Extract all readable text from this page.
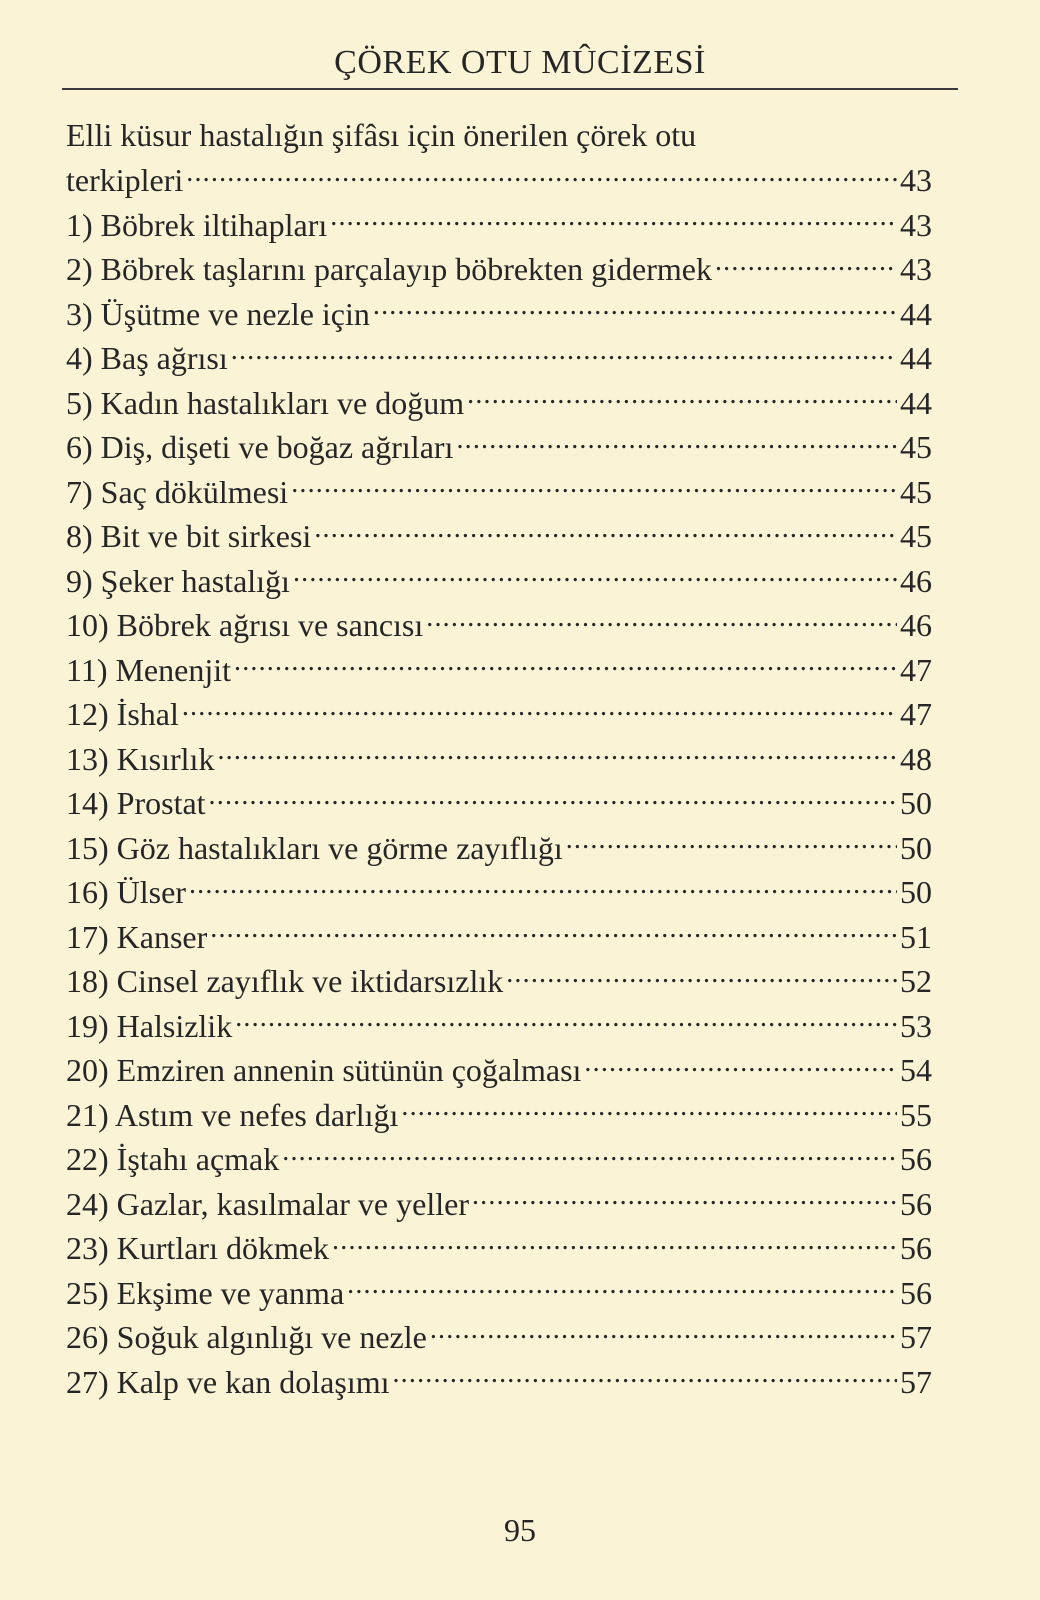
ÇÖREK OTU MÛCİZESİ
Elli küsur hastalığın şifâsı için önerilen çörek otu
terkipleri .....	43
1) Böbrek iltihapları .....	43
2) Böbrek taşlarını parçalayıp böbrekten gidermek .....	43
3) Üşütme ve nezle için .....	44
4) Baş ağrısı .....	44
5) Kadın hastalıkları ve doğum .....	44
6) Diş, dişeti ve boğaz ağrıları .....	45
7) Saç dökülmesi .....	45
8) Bit ve bit sirkesi .....	45
9) Şeker hastalığı .....	46
10) Böbrek ağrısı ve sancısı .....	46
11) Menenjit .....	47
12) İshal .....	47
13) Kısırlık .....	48
14) Prostat .....	50
15) Göz hastalıkları ve görme zayıflığı .....	50
16) Ülser .....	50
17) Kanser .....	51
18) Cinsel zayıflık ve iktidarsızlık .....	52
19) Halsizlik .....	53
20) Emziren annenin sütünün çoğalması .....	54
21) Astım ve nefes darlığı .....	55
22) İştahı açmak .....	56
24) Gazlar, kasılmalar ve yeller .....	56
23) Kurtları dökmek .....	56
25) Ekşime ve yanma .....	56
26) Soğuk algınlığı ve nezle .....	57
27) Kalp ve kan dolaşımı .....	57
95
